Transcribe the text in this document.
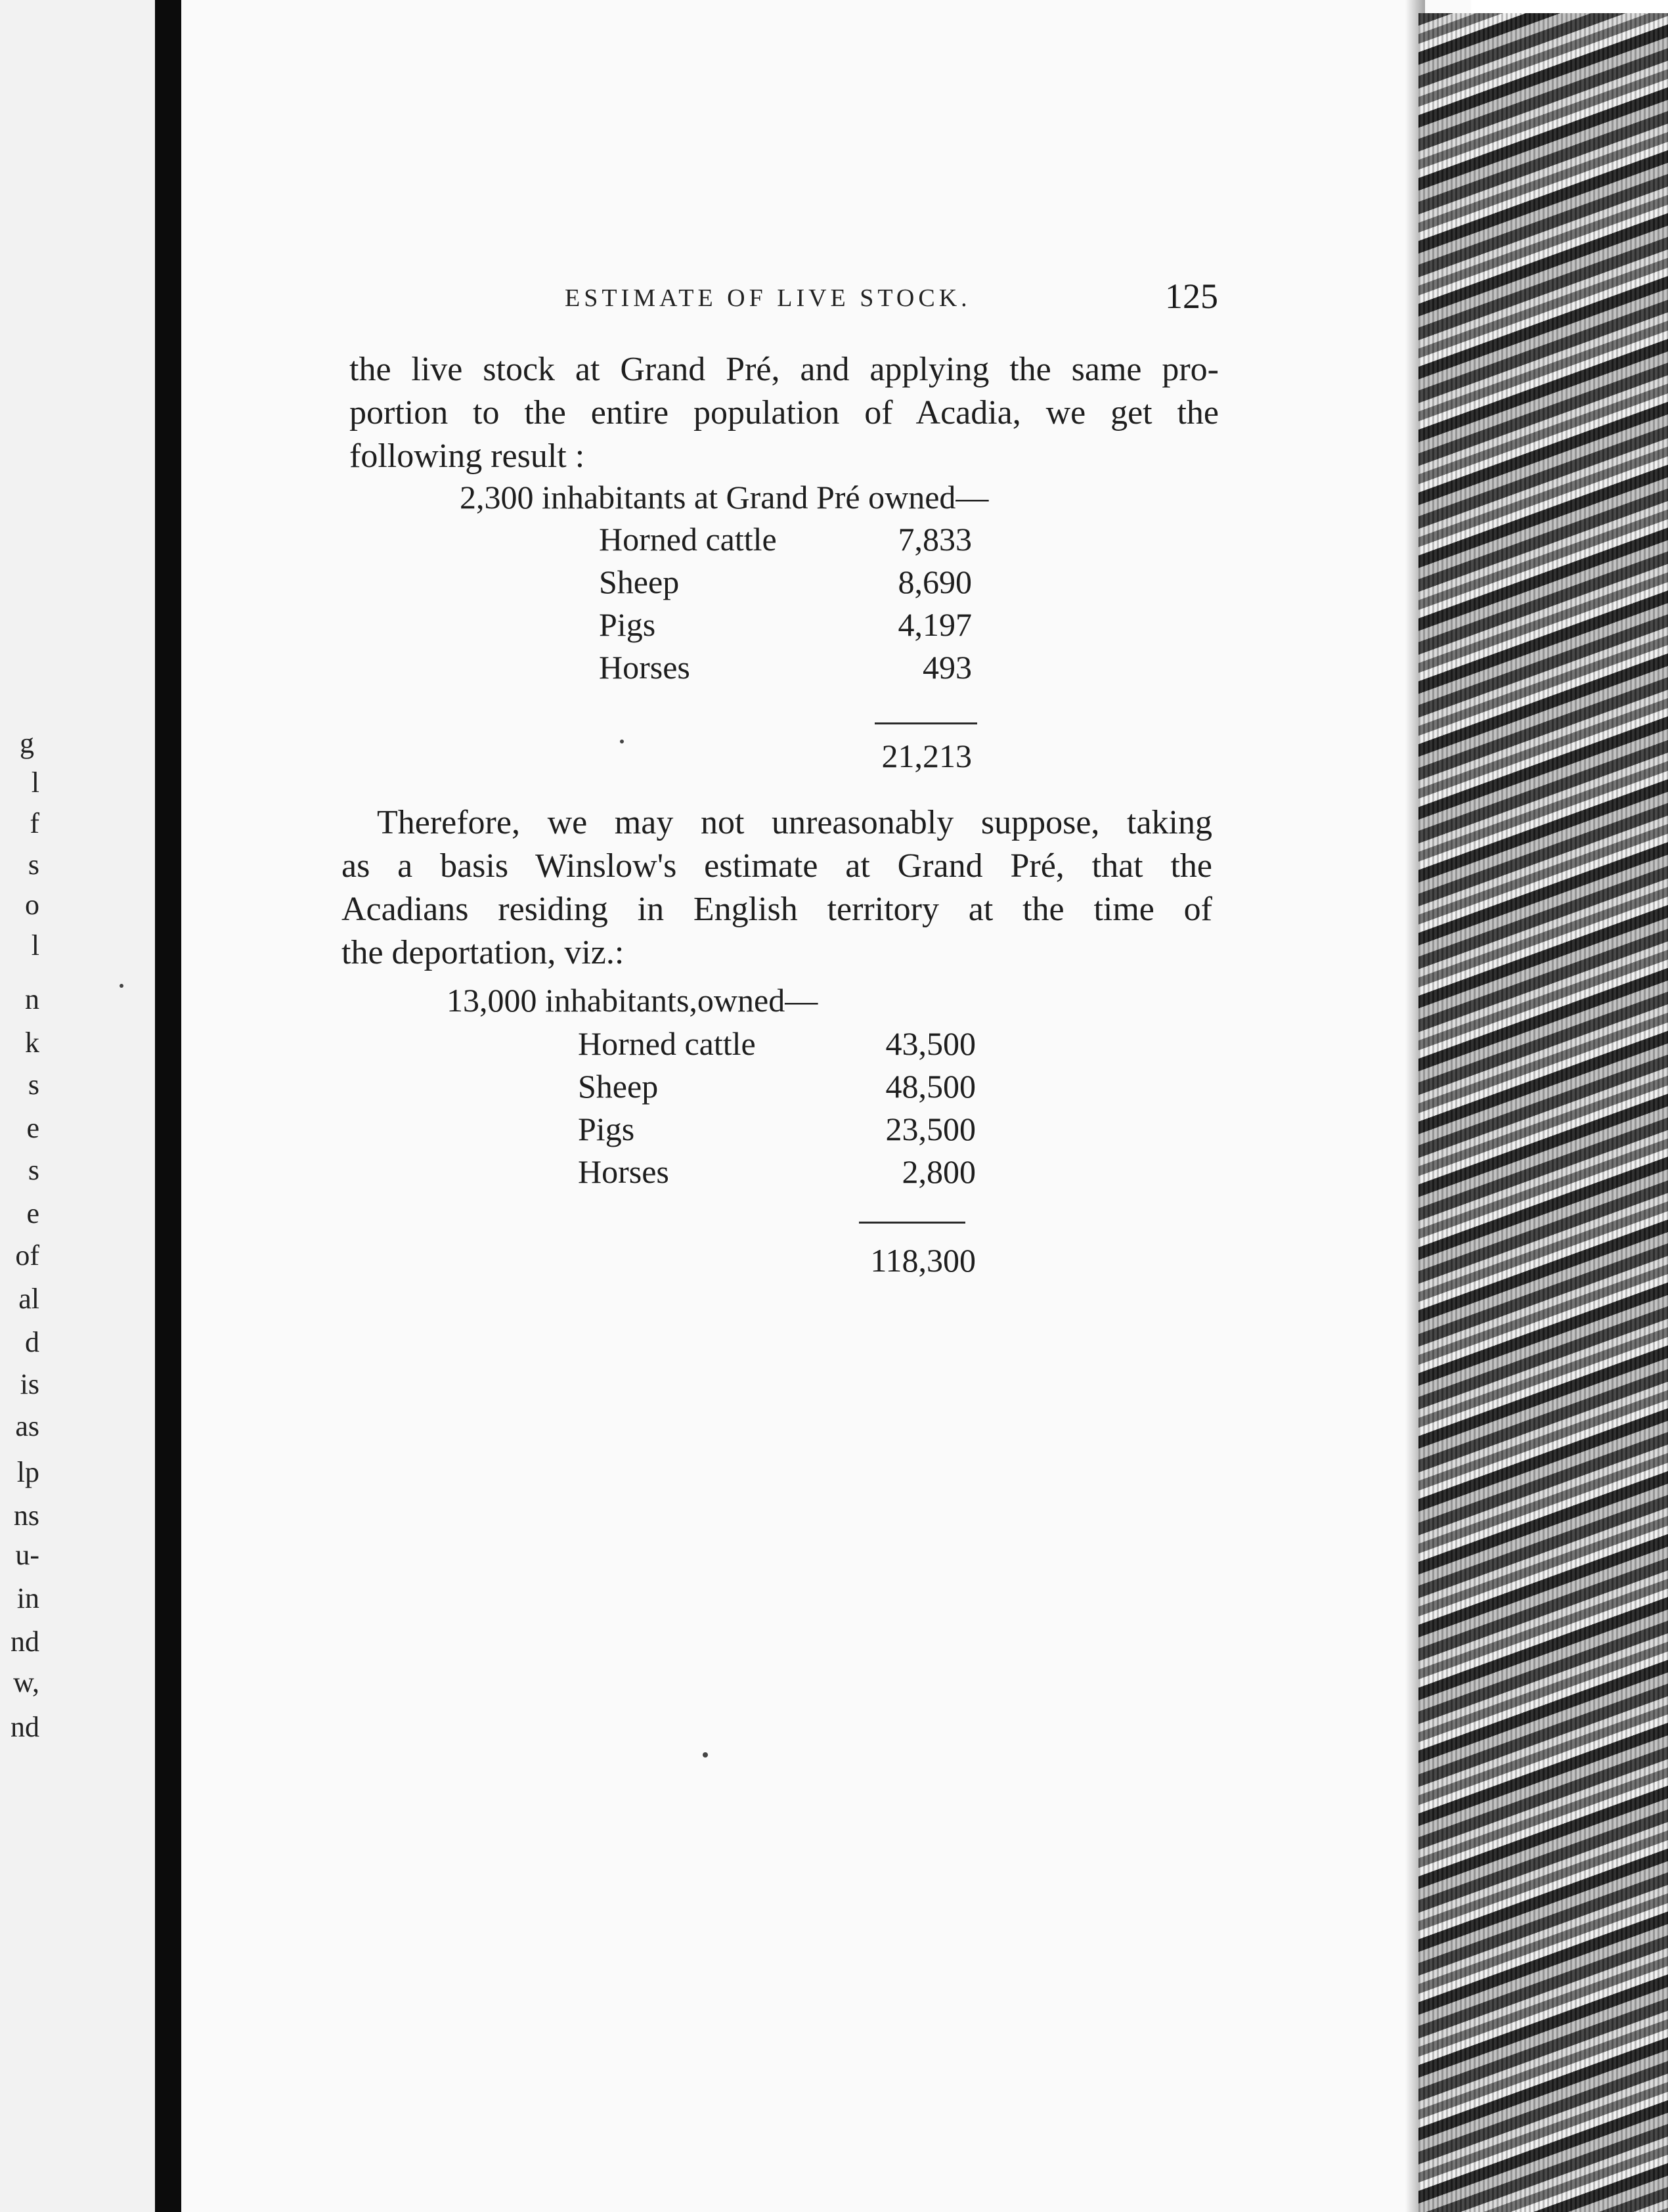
g
l
f
s
o
l
n
k
s
e
s
e
of
al
d
is
as
lp
ns
u-
in
nd
w,
nd
ESTIMATE OF LIVE STOCK.	125
the live stock at Grand Pré, and applying the same pro-
portion to the entire population of Acadia, we get the
following result :
2,300 inhabitants at Grand Pré owned—
Horned cattle	7,833
Sheep	8,690
Pigs	4,197
Horses	493
21,213
Therefore, we may not unreasonably suppose, taking
as a basis Winslow's estimate at Grand Pré, that the
Acadians residing in English territory at the time of
the deportation, viz.:
13,000 inhabitants,owned—
Horned cattle	43,500
Sheep	48,500
Pigs	23,500
Horses	2,800
118,300
